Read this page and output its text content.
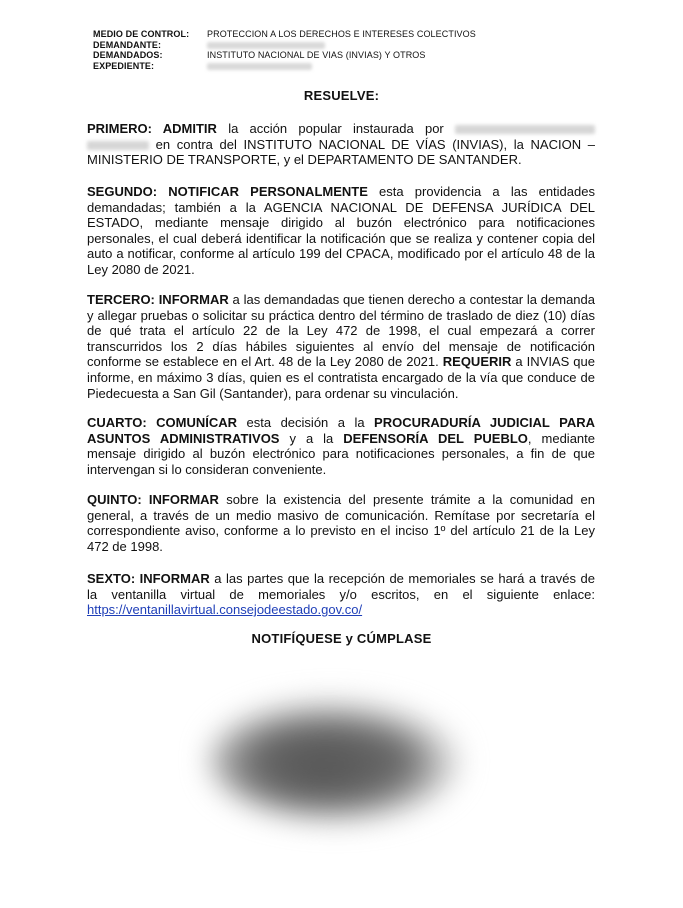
MEDIO DE CONTROL:	PROTECCION A LOS DERECHOS E INTERESES COLECTIVOS
DEMANDANTE:
DEMANDADOS:	INSTITUTO NACIONAL DE VIAS (INVIAS) Y OTROS
EXPEDIENTE:
RESUELVE:
PRIMERO: ADMITIR la acción popular instaurada por  en contra del INSTITUTO NACIONAL DE VÍAS (INVIAS), la NACION – MINISTERIO DE TRANSPORTE, y el DEPARTAMENTO DE SANTANDER.
SEGUNDO: NOTIFICAR PERSONALMENTE esta providencia a las entidades demandadas; también a la AGENCIA NACIONAL DE DEFENSA JURÍDICA DEL ESTADO, mediante mensaje dirigido al buzón electrónico para notificaciones personales, el cual deberá identificar la notificación que se realiza y contener copia del auto a notificar, conforme al artículo 199 del CPACA, modificado por el artículo 48 de la Ley 2080 de 2021.
TERCERO: INFORMAR a las demandadas que tienen derecho a contestar la demanda y allegar pruebas o solicitar su práctica dentro del término de traslado de diez (10) días de qué trata el artículo 22 de la Ley 472 de 1998, el cual empezará a correr transcurridos los 2 días hábiles siguientes al envío del mensaje de notificación conforme se establece en el Art. 48 de la Ley 2080 de 2021. REQUERIR a INVIAS que informe, en máximo 3 días, quien es el contratista encargado de la vía que conduce de Piedecuesta a San Gil (Santander), para ordenar su vinculación.
CUARTO: COMUNÍCAR esta decisión a la PROCURADURÍA JUDICIAL PARA ASUNTOS ADMINISTRATIVOS y a la DEFENSORÍA DEL PUEBLO, mediante mensaje dirigido al buzón electrónico para notificaciones personales, a fin de que intervengan si lo consideran conveniente.
QUINTO: INFORMAR sobre la existencia del presente trámite a la comunidad en general, a través de un medio masivo de comunicación. Remítase por secretaría el correspondiente aviso, conforme a lo previsto en el inciso 1º del artículo 21 de la Ley 472 de 1998.
SEXTO: INFORMAR a las partes que la recepción de memoriales se hará a través de la ventanilla virtual de memoriales y/o escritos, en el siguiente enlace: https://ventanillavirtual.consejodeestado.gov.co/
NOTIFÍQUESE y CÚMPLASE
